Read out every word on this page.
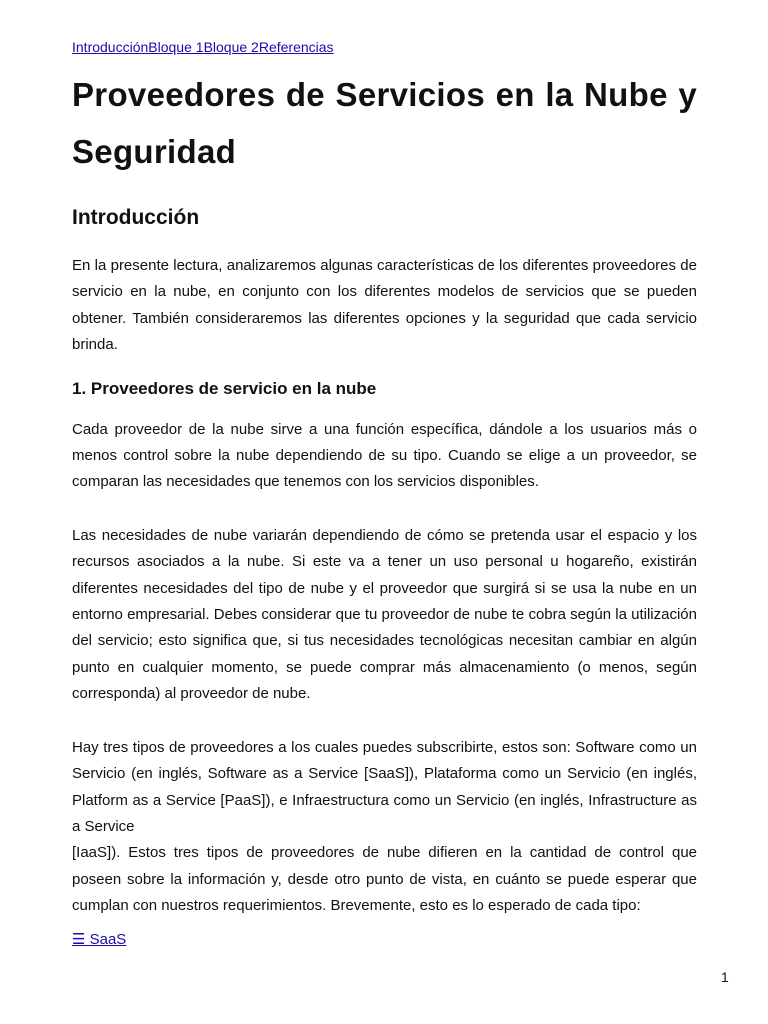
IntroducciónBloque 1Bloque 2Referencias
Proveedores de Servicios en la Nube y Seguridad
Introducción

En la presente lectura, analizaremos algunas características de los diferentes proveedores de servicio en la nube, en conjunto con los diferentes modelos de servicios que se pueden obtener. También consideraremos las diferentes opciones y la seguridad que cada servicio brinda.

1. Proveedores de servicio en la nube

Cada proveedor de la nube sirve a una función específica, dándole a los usuarios más o menos control sobre la nube dependiendo de su tipo. Cuando se elige a un proveedor, se comparan las necesidades que tenemos con los servicios disponibles.

Las necesidades de nube variarán dependiendo de cómo se pretenda usar el espacio y los recursos asociados a la nube. Si este va a tener un uso personal u hogareño, existirán diferentes necesidades del tipo de nube y el proveedor que surgirá si se usa la nube en un entorno empresarial. Debes considerar que tu proveedor de nube te cobra según la utilización del servicio; esto significa que, si tus necesidades tecnológicas necesitan cambiar en algún punto en cualquier momento, se puede comprar más almacenamiento (o menos, según corresponda) al proveedor de nube.

Hay tres tipos de proveedores a los cuales puedes subscribirte, estos son: Software como un Servicio (en inglés, Software as a Service [SaaS]), Plataforma como un Servicio (en inglés, Platform as a Service [PaaS]), e Infraestructura como un Servicio (en inglés, Infrastructure as a Service
[IaaS]). Estos tres tipos de proveedores de nube difieren en la cantidad de control que poseen sobre la información y, desde otro punto de vista, en cuánto se puede esperar que cumplan con nuestros requerimientos. Brevemente, esto es lo esperado de cada tipo:

☰ SaaS
1
